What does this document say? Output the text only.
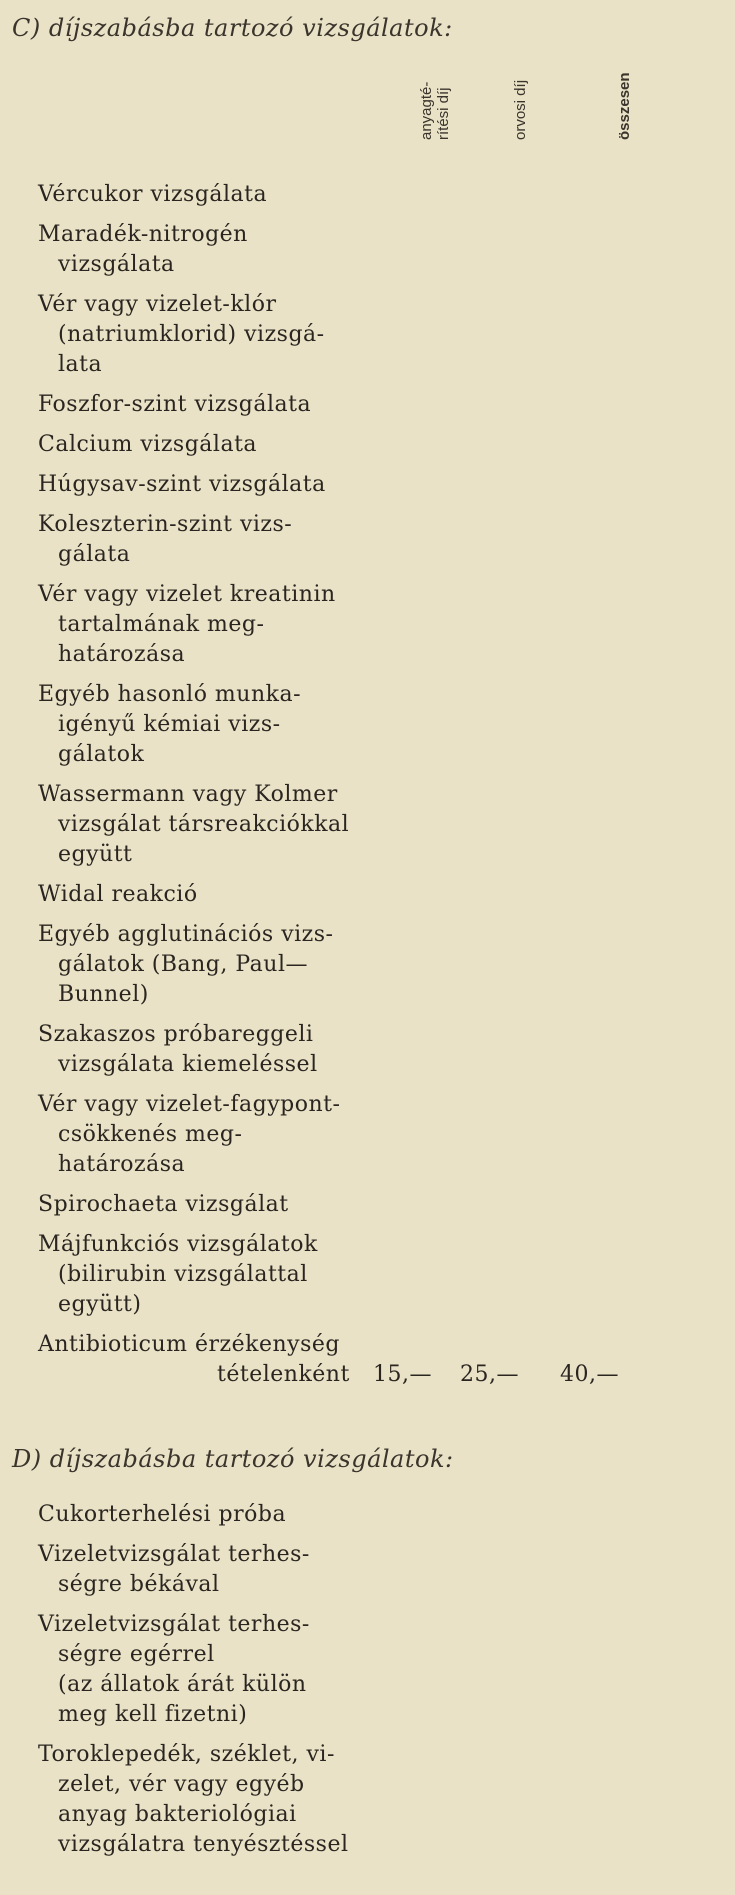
C) díjszabásba tartozó vizsgálatok:
anyagté- rítési díj	orvosi díj	összesen
Vércukor vizsgálata
Maradék-nitrogén
vizsgálata
Vér vagy vizelet-klór
(natriumklorid) vizsgá-
lata
Foszfor-szint vizsgálata
Calcium vizsgálata
Húgysav-szint vizsgálata
Koleszterin-szint vizs-
gálata
Vér vagy vizelet kreatinin
tartalmának meg-
határozása
Egyéb hasonló munka-
igényű kémiai vizs-
gálatok
Wassermann vagy Kolmer
vizsgálat társreakciókkal
együtt
Widal reakció
Egyéb agglutinációs vizs-
gálatok (Bang, Paul—
Bunnel)
Szakaszos próbareggeli
vizsgálata kiemeléssel
Vér vagy vizelet-fagypont-
csökkenés meg-
határozása
Spirochaeta vizsgálat
Májfunkciós vizsgálatok
(bilirubin vizsgálattal
együtt)
Antibioticum érzékenység
tételenként 15,— 25,— 40,—
D) díjszabásba tartozó vizsgálatok:
Cukorterhelési próba
Vizeletvizsgálat terhes-
ségre békával
Vizeletvizsgálat terhes-
ségre egérrel
(az állatok árát külön
meg kell fizetni)
Toroklepedék, széklet, vi-
zelet, vér vagy egyéb
anyag bakteriológiai
vizsgálatra tenyésztéssel
